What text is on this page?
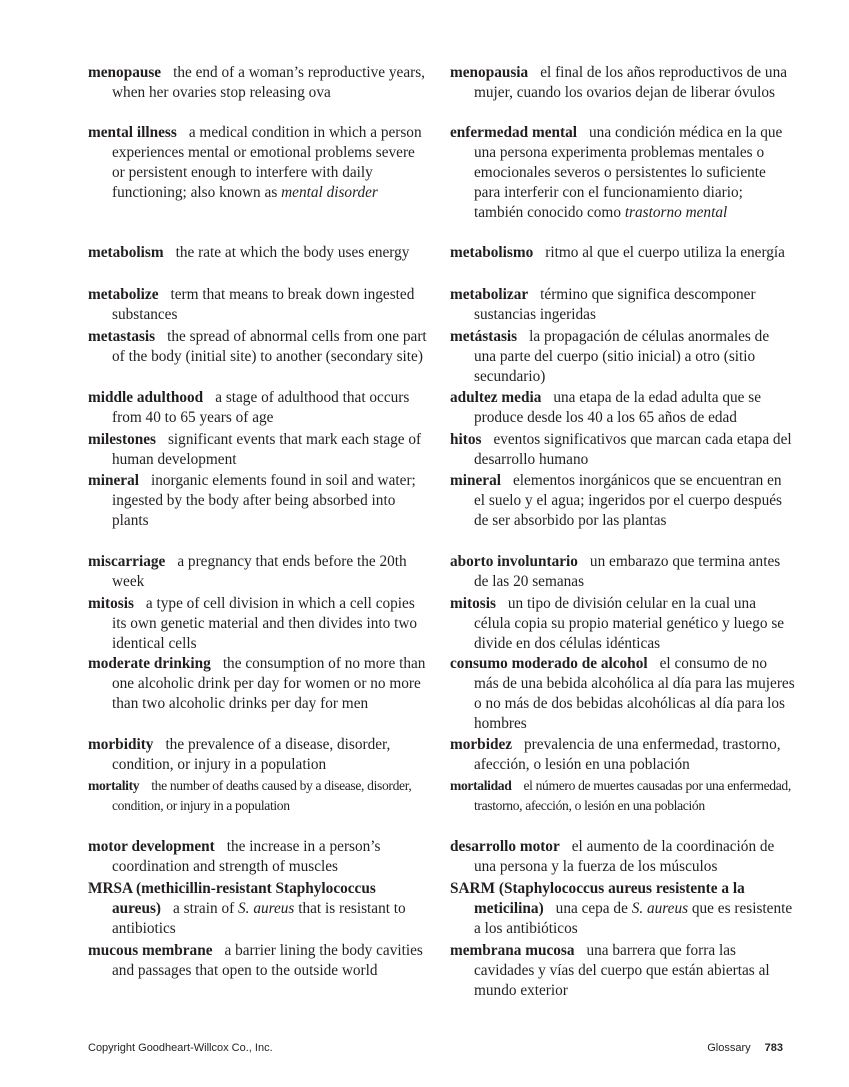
menopause the end of a woman’s reproductive years, when her ovaries stop releasing ova
mental illness a medical condition in which a person experiences mental or emotional problems severe or persistent enough to interfere with daily functioning; also known as mental disorder
metabolism the rate at which the body uses energy
metabolize term that means to break down ingested substances
metastasis the spread of abnormal cells from one part of the body (initial site) to another (secondary site)
middle adulthood a stage of adulthood that occurs from 40 to 65 years of age
milestones significant events that mark each stage of human development
mineral inorganic elements found in soil and water; ingested by the body after being absorbed into plants
miscarriage a pregnancy that ends before the 20th week
mitosis a type of cell division in which a cell copies its own genetic material and then divides into two identical cells
moderate drinking the consumption of no more than one alcoholic drink per day for women or no more than two alcoholic drinks per day for men
morbidity the prevalence of a disease, disorder, condition, or injury in a population
mortality the number of deaths caused by a disease, disorder, condition, or injury in a population
motor development the increase in a person’s coordination and strength of muscles
MRSA (methicillin-resistant Staphylococcus aureus) a strain of S. aureus that is resistant to antibiotics
mucous membrane a barrier lining the body cavities and passages that open to the outside world
menopausia el final de los años reproductivos de una mujer, cuando los ovarios dejan de liberar óvulos
enfermedad mental una condición médica en la que una persona experimenta problemas mentales o emocionales severos o persistentes lo suficiente para interferir con el funcionamiento diario; también conocido como trastorno mental
metabolismo ritmo al que el cuerpo utiliza la energía
metabolizar término que significa descomponer sustancias ingeridas
metástasis la propagación de células anormales de una parte del cuerpo (sitio inicial) a otro (sitio secundario)
adultez media una etapa de la edad adulta que se produce desde los 40 a los 65 años de edad
hitos eventos significativos que marcan cada etapa del desarrollo humano
mineral elementos inorgánicos que se encuentran en el suelo y el agua; ingeridos por el cuerpo después de ser absorbido por las plantas
aborto involuntario un embarazo que termina antes de las 20 semanas
mitosis un tipo de división celular en la cual una célula copia su propio material genético y luego se divide en dos células idénticas
consumo moderado de alcohol el consumo de no más de una bebida alcohólica al día para las mujeres o no más de dos bebidas alcohólicas al día para los hombres
morbidez prevalencia de una enfermedad, trastorno, afección, o lesión en una población
mortalidad el número de muertes causadas por una enfermedad, trastorno, afección, o lesión en una población
desarrollo motor el aumento de la coordinación de una persona y la fuerza de los músculos
SARM (Staphylococcus aureus resistente a la meticilina) una cepa de S. aureus que es resistente a los antibióticos
membrana mucosa una barrera que forra las cavidades y vías del cuerpo que están abiertas al mundo exterior
Copyright Goodheart-Willcox Co., Inc.	Glossary 783
